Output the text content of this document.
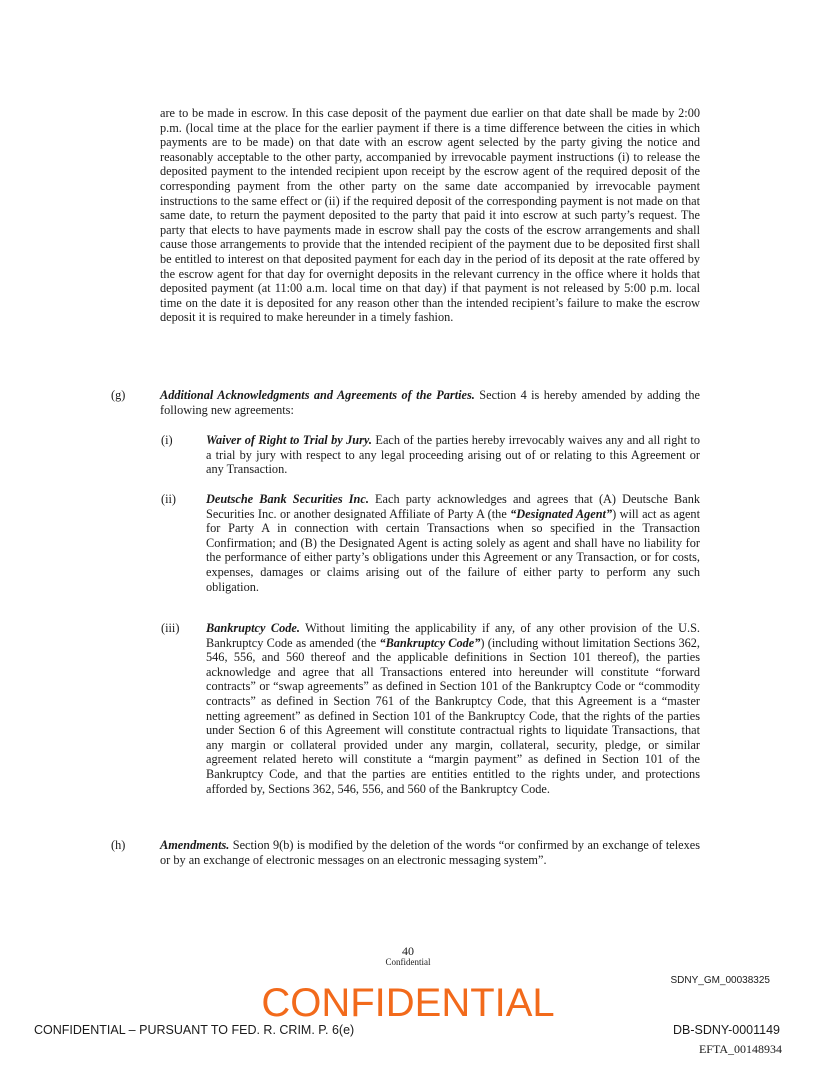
are to be made in escrow. In this case deposit of the payment due earlier on that date shall be made by 2:00 p.m. (local time at the place for the earlier payment if there is a time difference between the cities in which payments are to be made) on that date with an escrow agent selected by the party giving the notice and reasonably acceptable to the other party, accompanied by irrevocable payment instructions (i) to release the deposited payment to the intended recipient upon receipt by the escrow agent of the required deposit of the corresponding payment from the other party on the same date accompanied by irrevocable payment instructions to the same effect or (ii) if the required deposit of the corresponding payment is not made on that same date, to return the payment deposited to the party that paid it into escrow at such party’s request. The party that elects to have payments made in escrow shall pay the costs of the escrow arrangements and shall cause those arrangements to provide that the intended recipient of the payment due to be deposited first shall be entitled to interest on that deposited payment for each day in the period of its deposit at the rate offered by the escrow agent for that day for overnight deposits in the relevant currency in the office where it holds that deposited payment (at 11:00 a.m. local time on that day) if that payment is not released by 5:00 p.m. local time on the date it is deposited for any reason other than the intended recipient’s failure to make the escrow deposit it is required to make hereunder in a timely fashion.

(g)	Additional Acknowledgments and Agreements of the Parties. Section 4 is hereby amended by adding the following new agreements:

(i)	Waiver of Right to Trial by Jury. Each of the parties hereby irrevocably waives any and all right to a trial by jury with respect to any legal proceeding arising out of or relating to this Agreement or any Transaction.

(ii) Deutsche Bank Securities Inc. Each party acknowledges and agrees that (A) Deutsche Bank Securities Inc. or another designated Affiliate of Party A (the “Designated Agent”) will act as agent for Party A in connection with certain Transactions when so specified in the Transaction Confirmation; and (B) the Designated Agent is acting solely as agent and shall have no liability for the performance of either party’s obligations under this Agreement or any Transaction, or for costs, expenses, damages or claims arising out of the failure of either party to perform any such obligation.

(iii) Bankruptcy Code. Without limiting the applicability if any, of any other provision of the U.S. Bankruptcy Code as amended (the “Bankruptcy Code”) (including without limitation Sections 362, 546, 556, and 560 thereof and the applicable definitions in Section 101 thereof), the parties acknowledge and agree that all Transactions entered into hereunder will constitute “forward contracts” or “swap agreements” as defined in Section 101 of the Bankruptcy Code or “commodity contracts” as defined in Section 761 of the Bankruptcy Code, that this Agreement is a “master netting agreement” as defined in Section 101 of the Bankruptcy Code, that the rights of the parties under Section 6 of this Agreement will constitute contractual rights to liquidate Transactions, that any margin or collateral provided under any margin, collateral, security, pledge, or similar agreement related hereto will constitute a “margin payment” as defined in Section 101 of the Bankruptcy Code, and that the parties are entities entitled to the rights under, and protections afforded by, Sections 362, 546, 556, and 560 of the Bankruptcy Code.

(h)	Amendments. Section 9(b) is modified by the deletion of the words “or confirmed by an exchange of telexes or by an exchange of electronic messages on an electronic messaging system”.

40
Confidential
SDNY_GM_00038325
CONFIDENTIAL
CONFIDENTIAL – PURSUANT TO FED. R. CRIM. P. 6(e)	DB-SDNY-0001149
EFTA_00148934
